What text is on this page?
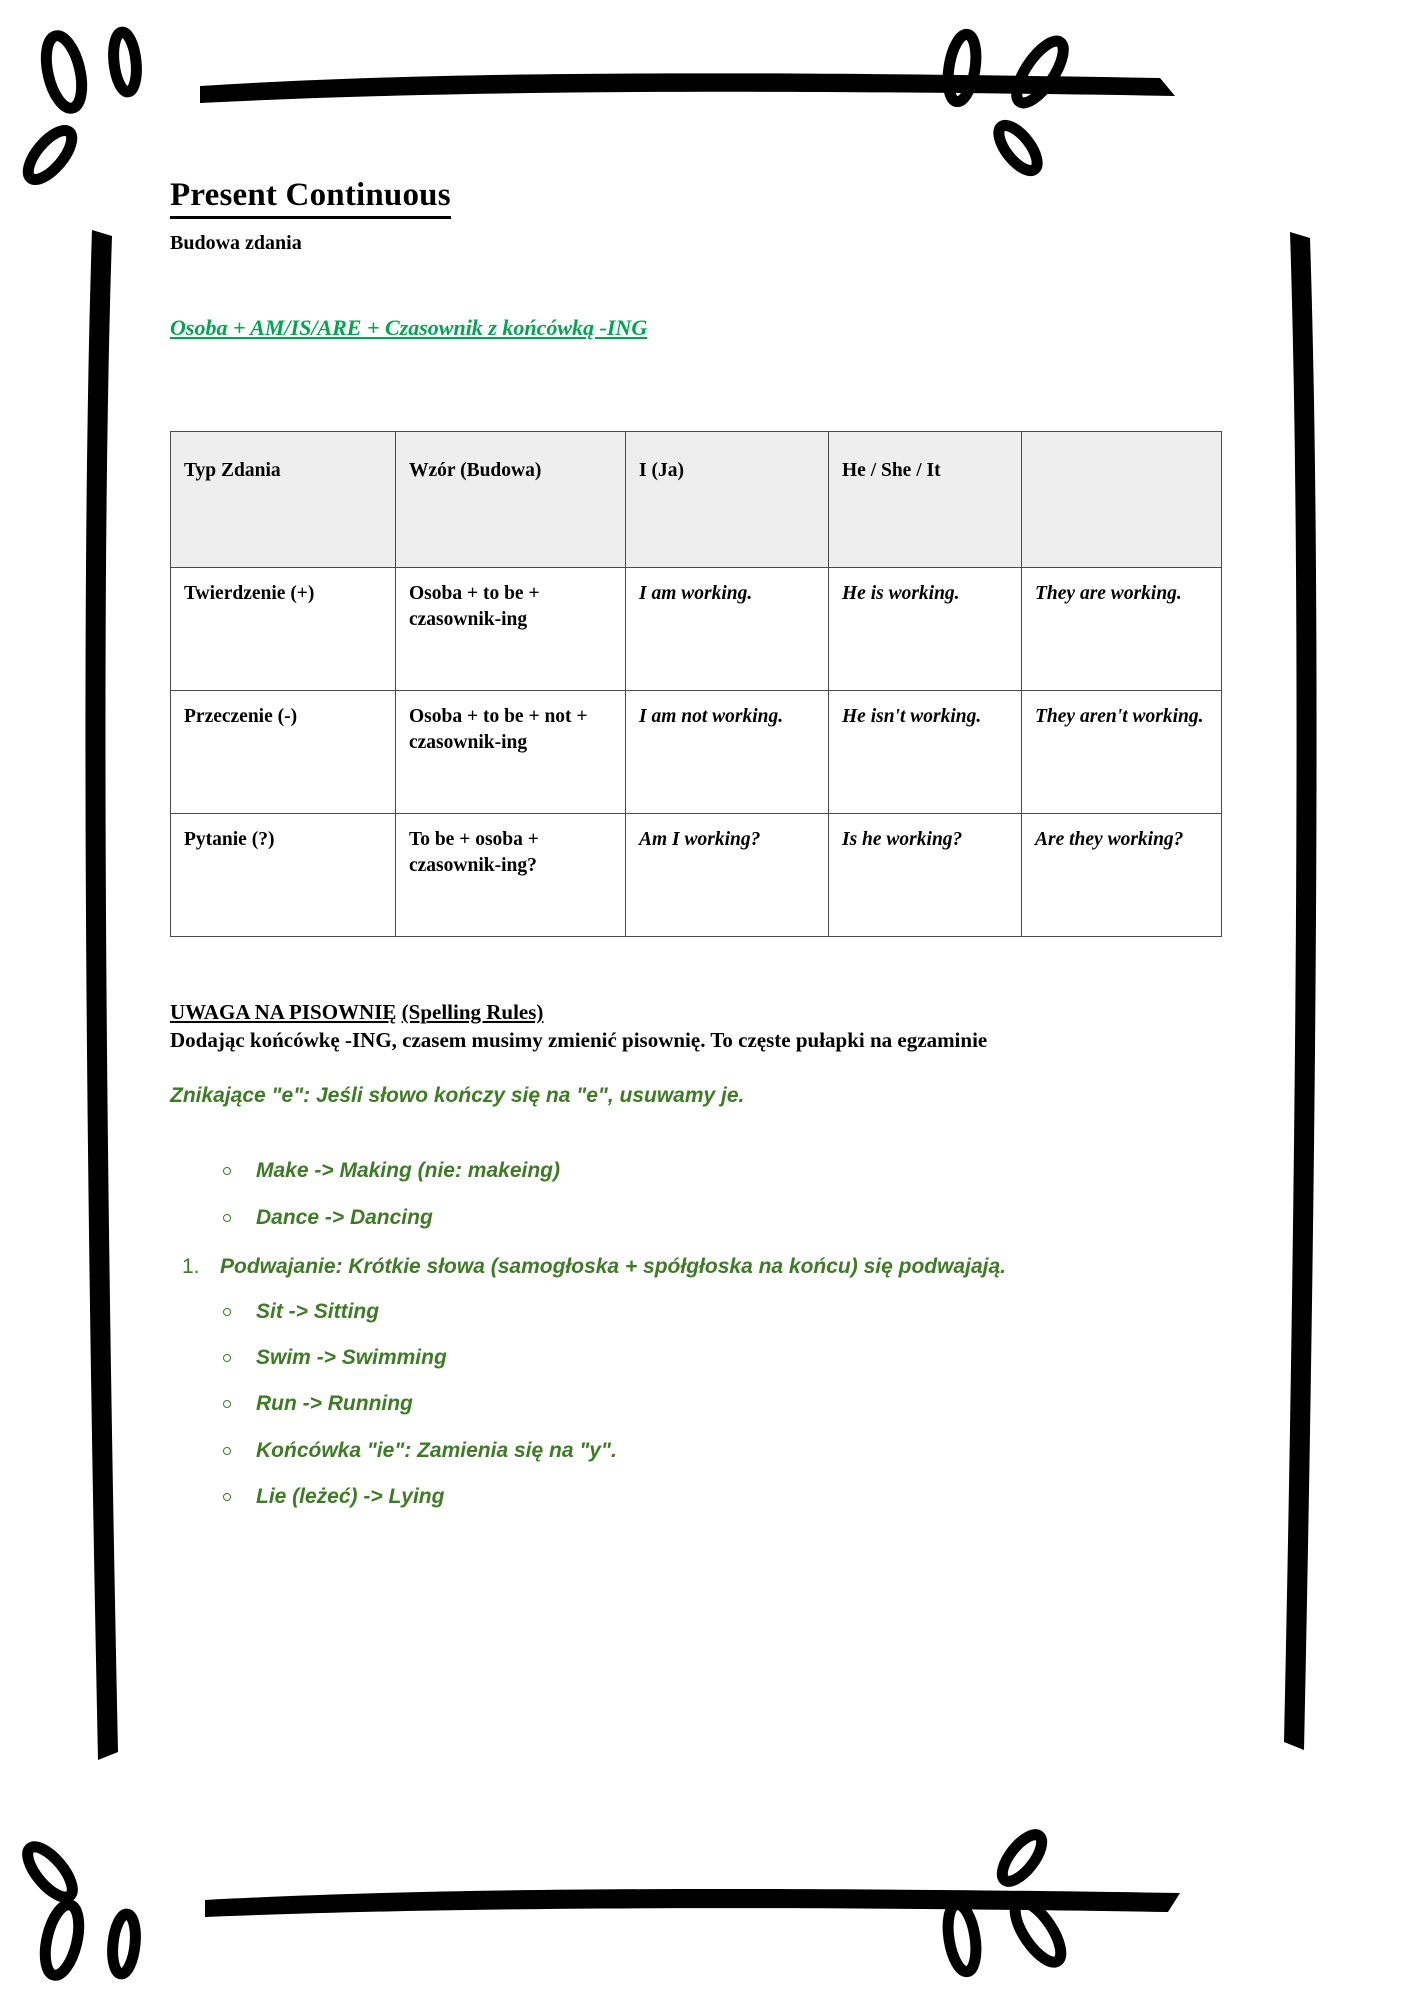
Present Continuous
Budowa zdania
Osoba + AM/IS/ARE + Czasownik z końcówką -ING
Typ Zdania	Wzór (Budowa)	I (Ja)	He / She / It	
Twierdzenie (+)	Osoba + to be + czasownik-ing	I am working.	He is working.	They are working.
Przeczenie (-)	Osoba + to be + not + czasownik-ing	I am not working.	He isn't working.	They aren't working.
Pytanie (?)	To be + osoba + czasownik-ing?	Am I working?	Is he working?	Are they working?
UWAGA NA PISOWNIĘ (Spelling Rules)

Dodając końcówkę -ING, czasem musimy zmienić pisownię. To częste pułapki na egzaminie

Znikające "e": Jeśli słowo kończy się na "e", usuwamy je.

Make -> Making (nie: makeing)
Dance -> Dancing
1. Podwajanie: Krótkie słowa (samogłoska + spółgłoska na końcu) się podwajają.
Sit -> Sitting
Swim -> Swimming
Run -> Running
Końcówka "ie": Zamienia się na "y".
Lie (leżeć) -> Lying
